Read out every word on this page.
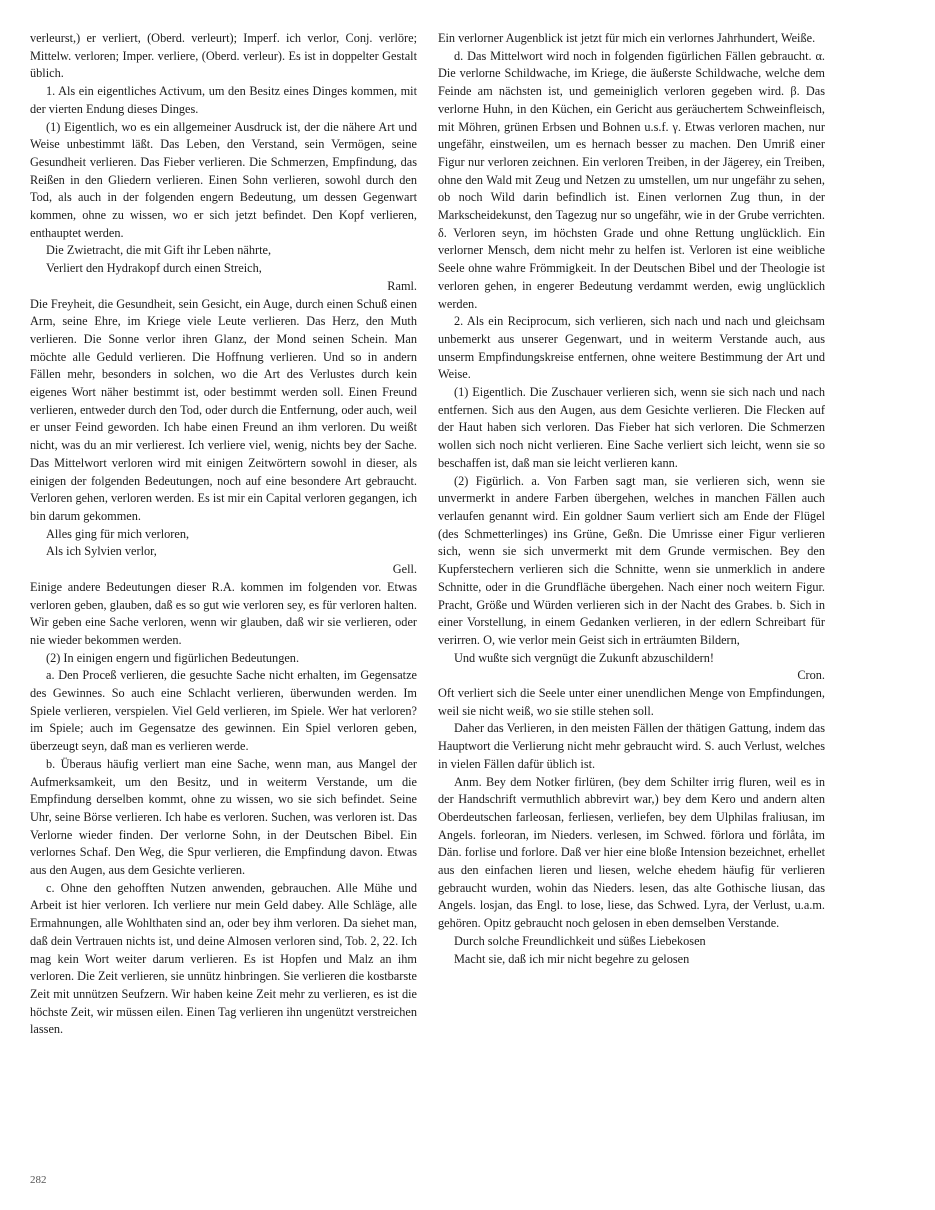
verleurst,) er verliert, (Oberd. verleurt); Imperf. ich verlor, Conj. verlöre; Mittelw. verloren; Imper. verliere, (Oberd. verleur). Es ist in doppelter Gestalt üblich.

1. Als ein eigentliches Activum, um den Besitz eines Dinges kommen, mit der vierten Endung dieses Dinges.

(1) Eigentlich, wo es ein allgemeiner Ausdruck ist, der die nähere Art und Weise unbestimmt läßt. Das Leben, den Verstand, sein Vermögen, seine Gesundheit verlieren. Das Fieber verlieren. Die Schmerzen, Empfindung, das Reißen in den Gliedern verlieren. Einen Sohn verlieren, sowohl durch den Tod, als auch in der folgenden engern Bedeutung, um dessen Gegenwart kommen, ohne zu wissen, wo er sich jetzt befindet. Den Kopf verlieren, enthauptet werden.

Die Zwietracht, die mit Gift ihr Leben nährte,

Verliert den Hydrakopf durch einen Streich,

Raml.

Die Freyheit, die Gesundheit, sein Gesicht, ein Auge, durch einen Schuß einen Arm, seine Ehre, im Kriege viele Leute verlieren. Das Herz, den Muth verlieren. Die Sonne verlor ihren Glanz, der Mond seinen Schein. Man möchte alle Geduld verlieren. Die Hoffnung verlieren. Und so in andern Fällen mehr, besonders in solchen, wo die Art des Verlustes durch kein eigenes Wort näher bestimmt ist, oder bestimmt werden soll. Einen Freund verlieren, entweder durch den Tod, oder durch die Entfernung, oder auch, weil er unser Feind geworden. Ich habe einen Freund an ihm verloren. Du weißt nicht, was du an mir verlierest. Ich verliere viel, wenig, nichts bey der Sache. Das Mittelwort verloren wird mit einigen Zeitwörtern sowohl in dieser, als einigen der folgenden Bedeutungen, noch auf eine besondere Art gebraucht. Verloren gehen, verloren werden. Es ist mir ein Capital verloren gegangen, ich bin darum gekommen.

Alles ging für mich verloren,

Als ich Sylvien verlor,

Gell.

Einige andere Bedeutungen dieser R.A. kommen im folgenden vor. Etwas verloren geben, glauben, daß es so gut wie verloren sey, es für verloren halten. Wir geben eine Sache verloren, wenn wir glauben, daß wir sie verlieren, oder nie wieder bekommen werden.

(2) In einigen engern und figürlichen Bedeutungen.

a. Den Proceß verlieren, die gesuchte Sache nicht erhalten, im Gegensatze des Gewinnes. So auch eine Schlacht verlieren, überwunden werden. Im Spiele verlieren, verspielen. Viel Geld verlieren, im Spiele. Wer hat verloren? im Spiele; auch im Gegensatze des gewinnen. Ein Spiel verloren geben, überzeugt seyn, daß man es verlieren werde.

b. Überaus häufig verliert man eine Sache, wenn man, aus Mangel der Aufmerksamkeit, um den Besitz, und in weiterm Verstande, um die Empfindung derselben kommt, ohne zu wissen, wo sie sich befindet. Seine Uhr, seine Börse verlieren. Ich habe es verloren. Suchen, was verloren ist. Das Verlorne wieder finden. Der verlorne Sohn, in der Deutschen Bibel. Ein verlornes Schaf. Den Weg, die Spur verlieren, die Empfindung davon. Etwas aus den Augen, aus dem Gesichte verlieren.

c. Ohne den gehofften Nutzen anwenden, gebrauchen. Alle Mühe und Arbeit ist hier verloren. Ich verliere nur mein Geld dabey. Alle Schläge, alle Ermahnungen, alle Wohlthaten sind an, oder bey ihm verloren. Da siehet man, daß dein Vertrauen nichts ist, und deine Almosen verloren sind, Tob. 2, 22. Ich mag kein Wort weiter darum verlieren. Es ist Hopfen und Malz an ihm verloren. Die Zeit verlieren, sie unnütz hinbringen. Sie verlieren die kostbarste Zeit mit unnützen Seufzern. Wir haben keine Zeit mehr zu verlieren, es ist die höchste Zeit, wir müssen eilen. Einen Tag verlieren ihn ungenützt verstreichen lassen.

Ein verlorner Augenblick ist jetzt für mich ein verlornes Jahrhundert, Weiße.

d. Das Mittelwort wird noch in folgenden figürlichen Fällen gebraucht. α. Die verlorne Schildwache, im Kriege, die äußerste Schildwache, welche dem Feinde am nächsten ist, und gemeiniglich verloren gegeben wird. β. Das verlorne Huhn, in den Küchen, ein Gericht aus geräuchertem Schweinfleisch, mit Möhren, grünen Erbsen und Bohnen u.s.f. γ. Etwas verloren machen, nur ungefähr, einstweilen, um es hernach besser zu machen. Den Umriß einer Figur nur verloren zeichnen. Ein verloren Treiben, in der Jägerey, ein Treiben, ohne den Wald mit Zeug und Netzen zu umstellen, um nur ungefähr zu sehen, ob noch Wild darin befindlich ist. Einen verlornen Zug thun, in der Markscheidekunst, den Tagezug nur so ungefähr, wie in der Grube verrichten. δ. Verloren seyn, im höchsten Grade und ohne Rettung unglücklich. Ein verlorner Mensch, dem nicht mehr zu helfen ist. Verloren ist eine weibliche Seele ohne wahre Frömmigkeit. In der Deutschen Bibel und der Theologie ist verloren gehen, in engerer Bedeutung verdammt werden, ewig unglücklich werden.

2. Als ein Reciprocum, sich verlieren, sich nach und nach und gleichsam unbemerkt aus unserer Gegenwart, und in weiterm Verstande auch, aus unserm Empfindungskreise entfernen, ohne weitere Bestimmung der Art und Weise.

(1) Eigentlich. Die Zuschauer verlieren sich, wenn sie sich nach und nach entfernen. Sich aus den Augen, aus dem Gesichte verlieren. Die Flecken auf der Haut haben sich verloren. Das Fieber hat sich verloren. Die Schmerzen wollen sich noch nicht verlieren. Eine Sache verliert sich leicht, wenn sie so beschaffen ist, daß man sie leicht verlieren kann.

(2) Figürlich. a. Von Farben sagt man, sie verlieren sich, wenn sie unvermerkt in andere Farben übergehen, welches in manchen Fällen auch verlaufen genannt wird. Ein goldner Saum verliert sich am Ende der Flügel (des Schmetterlinges) ins Grüne, Geßn. Die Umrisse einer Figur verlieren sich, wenn sie sich unvermerkt mit dem Grunde vermischen. Bey den Kupferstechern verlieren sich die Schnitte, wenn sie unmerklich in andere Schnitte, oder in die Grundfläche übergehen. Nach einer noch weitern Figur. Pracht, Größe und Würden verlieren sich in der Nacht des Grabes. b. Sich in einer Vorstellung, in einem Gedanken verlieren, in der edlern Schreibart für verirren. O, wie verlor mein Geist sich in erträumten Bildern,

Und wußte sich vergnügt die Zukunft abzuschildern!

Cron.

Oft verliert sich die Seele unter einer unendlichen Menge von Empfindungen, weil sie nicht weiß, wo sie stille stehen soll.

Daher das Verlieren, in den meisten Fällen der thätigen Gattung, indem das Hauptwort die Verlierung nicht mehr gebraucht wird. S. auch Verlust, welches in vielen Fällen dafür üblich ist.

Anm. Bey dem Notker firlüren, (bey dem Schilter irrig fluren, weil es in der Handschrift vermuthlich abbrevirt war,) bey dem Kero und andern alten Oberdeutschen farleosan, ferliesen, verliefen, bey dem Ulphilas fraliusan, im Angels. forleoran, im Nieders. verlesen, im Schwed. förlora und förlåta, im Dän. forlise und forlore. Daß ver hier eine bloße Intension bezeichnet, erhellet aus den einfachen lieren und liesen, welche ehedem häufig für verlieren gebraucht wurden, wohin das Nieders. lesen, das alte Gothische liusan, das Angels. losjan, das Engl. to lose, liese, das Schwed. Lyra, der Verlust, u.a.m. gehören. Opitz gebraucht noch gelosen in eben demselben Verstande.

Durch solche Freundlichkeit und süßes Liebekosen

Macht sie, daß ich mir nicht begehre zu gelosen

282
